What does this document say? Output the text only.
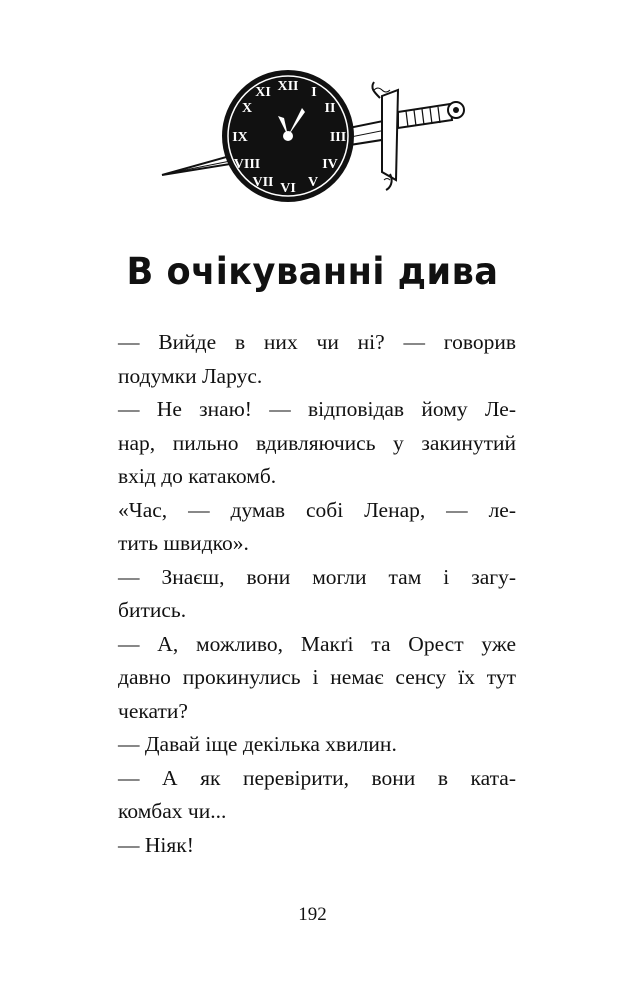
XII I
II
III
IV
V
VI
VII
VIII
IX
X
XI
В очікуванні дива
— Вийде в них чи ні? — говорив
подумки Ларус.
— Не знаю! — відповідав йому Ле-
нар, пильно вдивляючись у закинутий
вхід до катакомб.
«Час, — думав собі Ленар, — ле-
тить швидко».
— Знаєш, вони могли там і загу-
битись.
— А, можливо, Макґі та Орест уже
давно прокинулись і немає сенсу їх тут
чекати?
— Давай іще декілька хвилин.
— А як перевірити, вони в ката-
комбах чи...
— Ніяк!
192
